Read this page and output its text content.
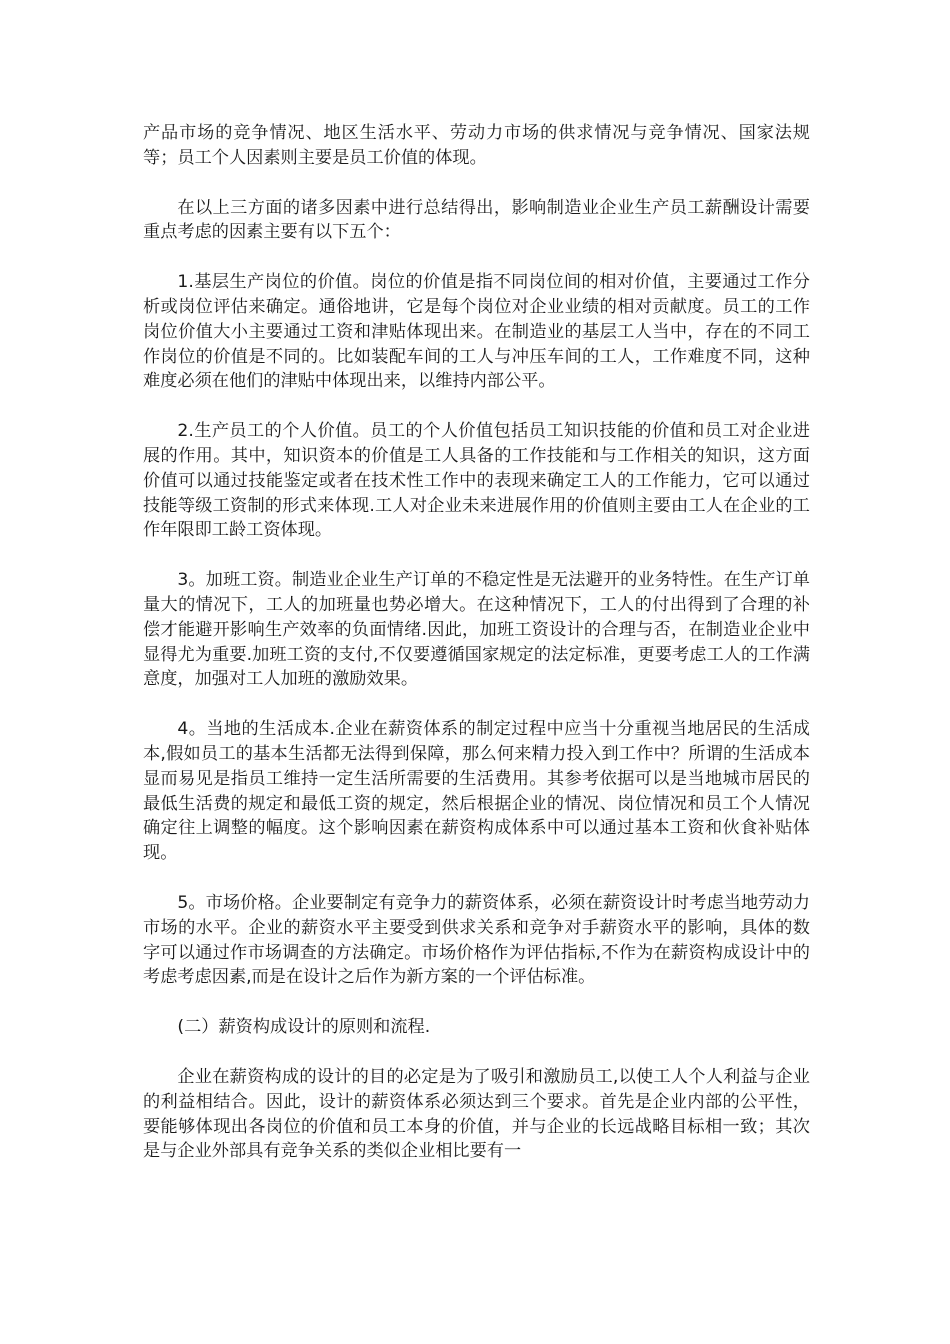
产品市场的竞争情况、地区生活水平、劳动力市场的供求情况与竞争情况、国家法规等；员工个人因素则主要是员工价值的体现。

在以上三方面的诸多因素中进行总结得出，影响制造业企业生产员工薪酬设计需要重点考虑的因素主要有以下五个：

1.基层生产岗位的价值。岗位的价值是指不同岗位间的相对价值，主要通过工作分析或岗位评估来确定。通俗地讲，它是每个岗位对企业业绩的相对贡献度。员工的工作岗位价值大小主要通过工资和津贴体现出来。在制造业的基层工人当中，存在的不同工作岗位的价值是不同的。比如装配车间的工人与冲压车间的工人，工作难度不同，这种难度必须在他们的津贴中体现出来，以维持内部公平。

2.生产员工的个人价值。员工的个人价值包括员工知识技能的价值和员工对企业进展的作用。其中，知识资本的价值是工人具备的工作技能和与工作相关的知识，这方面价值可以通过技能鉴定或者在技术性工作中的表现来确定工人的工作能力，它可以通过技能等级工资制的形式来体现.工人对企业未来进展作用的价值则主要由工人在企业的工作年限即工龄工资体现。

3。加班工资。制造业企业生产订单的不稳定性是无法避开的业务特性。在生产订单量大的情况下，工人的加班量也势必增大。在这种情况下，工人的付出得到了合理的补偿才能避开影响生产效率的负面情绪.因此，加班工资设计的合理与否，在制造业企业中显得尤为重要.加班工资的支付,不仅要遵循国家规定的法定标准，更要考虑工人的工作满意度，加强对工人加班的激励效果。

4。当地的生活成本.企业在薪资体系的制定过程中应当十分重视当地居民的生活成本,假如员工的基本生活都无法得到保障，那么何来精力投入到工作中？所谓的生活成本显而易见是指员工维持一定生活所需要的生活费用。其参考依据可以是当地城市居民的最低生活费的规定和最低工资的规定，然后根据企业的情况、岗位情况和员工个人情况确定往上调整的幅度。这个影响因素在薪资构成体系中可以通过基本工资和伙食补贴体现。

5。市场价格。企业要制定有竞争力的薪资体系，必须在薪资设计时考虑当地劳动力市场的水平。企业的薪资水平主要受到供求关系和竞争对手薪资水平的影响，具体的数字可以通过作市场调查的方法确定。市场价格作为评估指标,不作为在薪资构成设计中的考虑考虑因素,而是在设计之后作为新方案的一个评估标准。

(二）薪资构成设计的原则和流程.

企业在薪资构成的设计的目的必定是为了吸引和激励员工,以使工人个人利益与企业的利益相结合。因此，设计的薪资体系必须达到三个要求。首先是企业内部的公平性，要能够体现出各岗位的价值和员工本身的价值，并与企业的长远战略目标相一致；其次是与企业外部具有竞争关系的类似企业相比要有一
